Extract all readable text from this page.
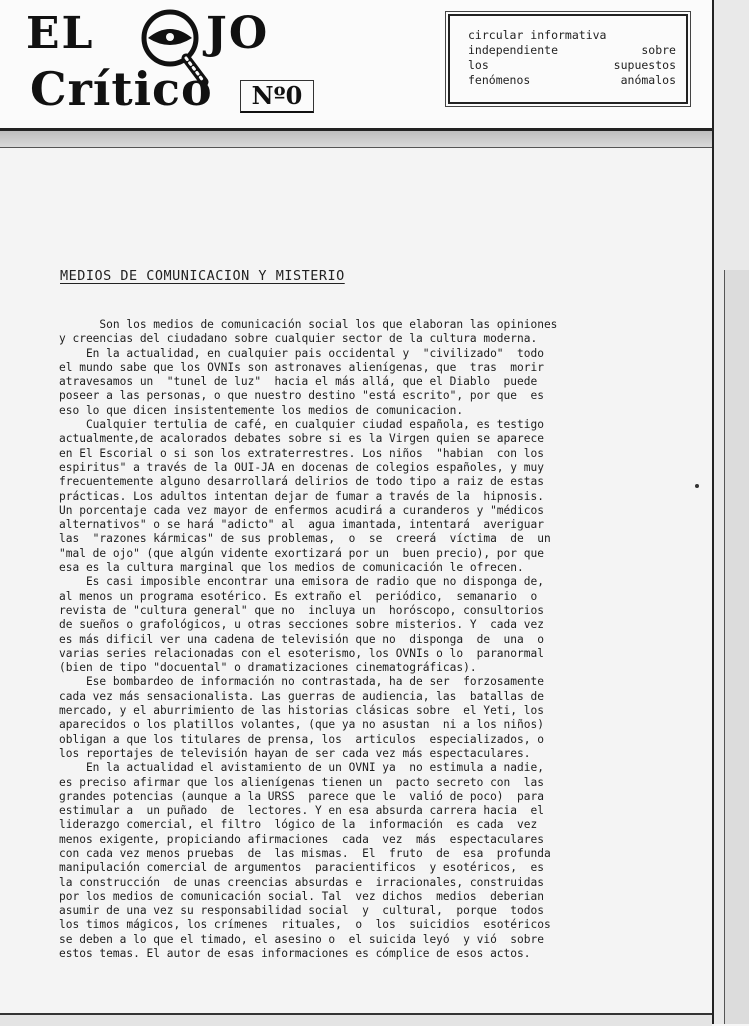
EL	JO
Crítico	Nº0
circular informativa
independiente sobre
los supuestos
fenómenos anómalos
MEDIOS DE COMUNICACION Y MISTERIO
Son los medios de comunicación social los que elaboran las opiniones
y creencias del ciudadano sobre cualquier sector de la cultura moderna.
En la actualidad, en cualquier pais occidental y  "civilizado"  todo
el mundo sabe que los OVNIs son astronaves alienígenas, que  tras  morir
atravesamos un  "tunel de luz"  hacia el más allá, que el Diablo  puede
poseer a las personas, o que nuestro destino "está escrito", por que  es
eso lo que dicen insistentemente los medios de comunicacion.
Cualquier tertulia de café, en cualquier ciudad española, es testigo
actualmente,de acalorados debates sobre si es la Virgen quien se aparece
en El Escorial o si son los extraterrestres. Los niños  "habian  con los
espiritus" a través de la OUI-JA en docenas de colegios españoles, y muy
frecuentemente alguno desarrollará delirios de todo tipo a raiz de estas
prácticas. Los adultos intentan dejar de fumar a través de la  hipnosis.
Un porcentaje cada vez mayor de enfermos acudirá a curanderos y "médicos
alternativos" o se hará "adicto" al  agua imantada, intentará  averiguar
las  "razones kármicas" de sus problemas,  o  se  creerá  víctima  de  un
"mal de ojo" (que algún vidente exortizará por un  buen precio), por que
esa es la cultura marginal que los medios de comunicación le ofrecen.
Es casi imposible encontrar una emisora de radio que no disponga de,
al menos un programa esotérico. Es extraño el  periódico,  semanario  o
revista de "cultura general" que no  incluya un  horóscopo, consultorios
de sueños o grafológicos, u otras secciones sobre misterios. Y  cada vez
es más dificil ver una cadena de televisión que no  disponga  de  una  o
varias series relacionadas con el esoterismo, los OVNIs o lo  paranormal
(bien de tipo "docuental" o dramatizaciones cinematográficas).
Ese bombardeo de información no contrastada, ha de ser  forzosamente
cada vez más sensacionalista. Las guerras de audiencia, las  batallas de
mercado, y el aburrimiento de las historias clásicas sobre  el Yeti, los
aparecidos o los platillos volantes, (que ya no asustan  ni a los niños)
obligan a que los titulares de prensa, los  articulos  especializados, o
los reportajes de televisión hayan de ser cada vez más espectaculares.
En la actualidad el avistamiento de un OVNI ya  no estimula a nadie,
es preciso afirmar que los alienígenas tienen un  pacto secreto con  las
grandes potencias (aunque a la URSS  parece que le  valió de poco)  para
estimular a  un puñado  de  lectores. Y en esa absurda carrera hacia  el
liderazgo comercial, el filtro  lógico de la  información  es cada  vez
menos exigente, propiciando afirmaciones  cada  vez  más  espectaculares
con cada vez menos pruebas  de  las mismas.  El  fruto  de  esa  profunda
manipulación comercial de argumentos  paracientificos  y esotéricos,  es
la construcción  de unas creencias absurdas e  irracionales, construidas
por los medios de comunicación social. Tal  vez dichos  medios  deberian
asumir de una vez su responsabilidad social  y  cultural,  porque  todos
los timos mágicos, los crímenes  rituales,  o  los  suicidios  esotéricos
se deben a lo que el timado, el asesino o  el suicida leyó  y vió  sobre
estos temas. El autor de esas informaciones es cómplice de esos actos.
